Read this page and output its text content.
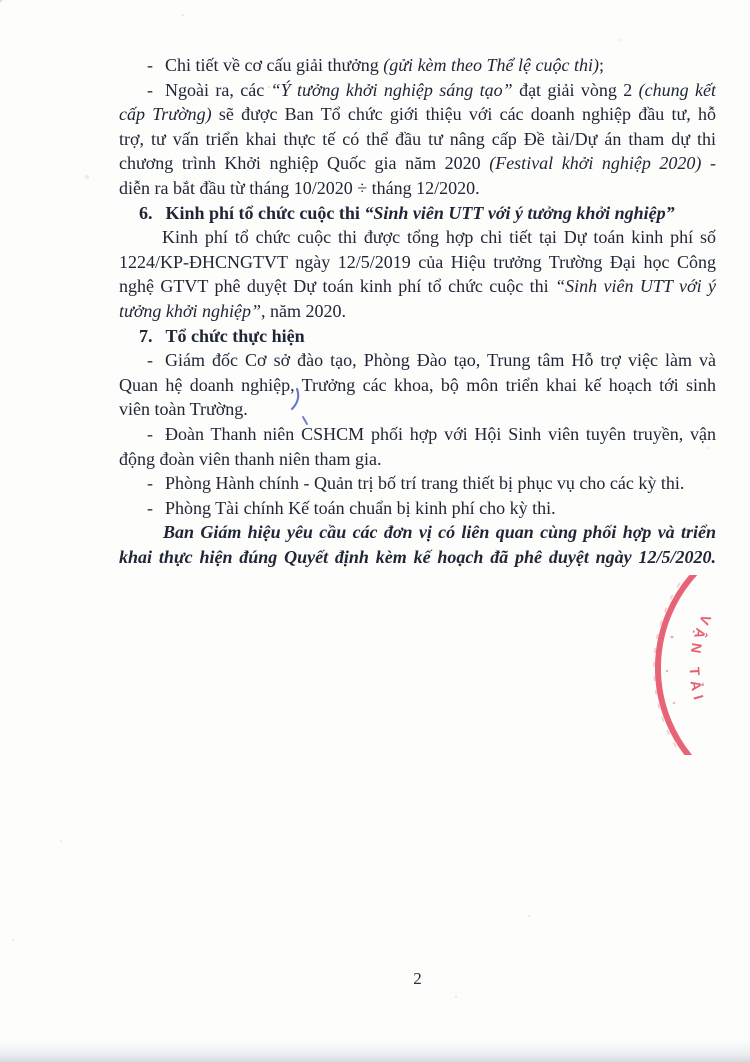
- Chi tiết về cơ cấu giải thưởng (gửi kèm theo Thể lệ cuộc thi);
- Ngoài ra, các “Ý tưởng khởi nghiệp sáng tạo” đạt giải vòng 2 (chung kết
cấp Trường) sẽ được Ban Tổ chức giới thiệu với các doanh nghiệp đầu tư, hỗ
trợ, tư vấn triển khai thực tế có thể đầu tư nâng cấp Đề tài/Dự án tham dự thi
chương trình Khởi nghiệp Quốc gia năm 2020 (Festival khởi nghiệp 2020) -
diễn ra bắt đầu từ tháng 10/2020 ÷ tháng 12/2020.
6. Kinh phí tổ chức cuộc thi “Sinh viên UTT với ý tưởng khởi nghiệp”
Kinh phí tổ chức cuộc thi được tổng hợp chi tiết tại Dự toán kinh phí số
1224/KP-ĐHCNGTVT ngày 12/5/2019 của Hiệu trưởng Trường Đại học Công
nghệ GTVT phê duyệt Dự toán kinh phí tổ chức cuộc thi “Sinh viên UTT với ý
tưởng khởi nghiệp”, năm 2020.
7. Tổ chức thực hiện
- Giám đốc Cơ sở đào tạo, Phòng Đào tạo, Trung tâm Hỗ trợ việc làm và
Quan hệ doanh nghiệp, Trưởng các khoa, bộ môn triển khai kế hoạch tới sinh
viên toàn Trường.
- Đoàn Thanh niên CSHCM phối hợp với Hội Sinh viên tuyên truyền, vận
động đoàn viên thanh niên tham gia.
- Phòng Hành chính - Quản trị bố trí trang thiết bị phục vụ cho các kỳ thi.
- Phòng Tài chính Kế toán chuẩn bị kinh phí cho kỳ thi.
Ban Giám hiệu yêu cầu các đơn vị có liên quan cùng phối hợp và triển
khai thực hiện đúng Quyết định kèm kế hoạch đã phê duyệt ngày 12/5/2020.
VẬN TẢI
2
